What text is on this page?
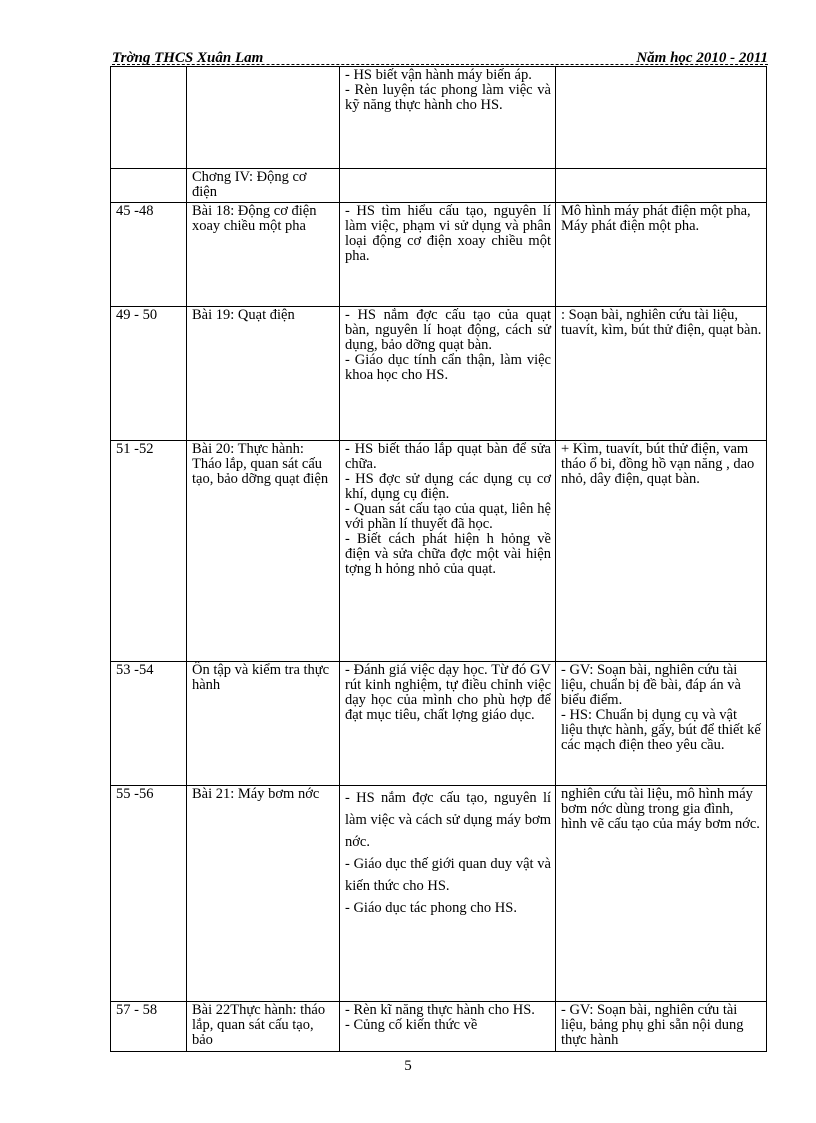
Trờng THCS Xuân Lam	Năm học 2010 - 2011

		- HS biết vận hành máy biến áp.
- Rèn luyện tác phong làm việc và kỹ năng thực hành cho HS.	

	Chơng IV: Động cơ điện		

45 -48	Bài 18: Động cơ điện xoay chiều một pha	- HS tìm hiểu cấu tạo, nguyên lí làm việc, phạm vi sử dụng và phân loại động cơ điện xoay chiều một pha.	Mô hình máy phát điện một pha, Máy phát điện một pha.

49 - 50	Bài 19: Quạt điện	- HS nắm đợc cấu tạo của quạt bàn, nguyên lí hoạt động, cách sử dụng, bảo dỡng quạt bàn.
- Giáo dục tính cẩn thận, làm việc khoa học cho HS.	: Soạn bài, nghiên cứu tài liệu, tuavít, kìm, bút thử điện, quạt bàn.

51 -52	Bài 20: Thực hành: Tháo lắp, quan sát cấu tạo, bảo dỡng quạt điện	- HS biết tháo lắp quạt bàn để sửa chữa.
- HS đợc sử dụng các dụng cụ cơ khí, dụng cụ điện.
- Quan sát cấu tạo của quạt, liên hệ với phần lí thuyết đã học.
- Biết cách phát hiện h hỏng về điện và sửa chữa đợc một vài hiện tợng h hỏng nhỏ của quạt.	+ Kìm, tuavít, bút thử điện, vam tháo ổ bi, đồng hồ vạn năng , dao nhỏ, dây điện, quạt bàn.

53 -54	Ôn tập và kiểm tra thực hành	- Đánh giá việc dạy học. Từ đó GV rút kinh nghiệm, tự điều chỉnh việc dạy học của mình cho phù hợp để đạt mục tiêu, chất lợng giáo dục.	- GV: Soạn bài, nghiên cứu tài liệu, chuẩn bị đề bài, đáp án và biểu điểm.
- HS: Chuẩn bị dụng cụ và vật liệu thực hành, gấy, bút để thiết kế các mạch điện theo yêu cầu.

55 -56	Bài 21: Máy bơm nớc	- HS nắm đợc cấu tạo, nguyên lí làm việc và cách sử dụng máy bơm nớc.
- Giáo dục thế giới quan duy vật và kiến thức cho HS.
- Giáo dục tác phong cho HS.	nghiên cứu tài liệu, mô hình máy bơm nớc dùng trong gia đình, hình vẽ cấu tạo của máy bơm nớc.

57 - 58	Bài 22Thực hành: tháo lắp, quan sát cấu tạo, bảo	- Rèn kĩ năng thực hành cho HS.
- Củng cố kiến thức về	- GV: Soạn bài, nghiên cứu tài liệu, bảng phụ ghi sẵn nội dung thực hành
5
